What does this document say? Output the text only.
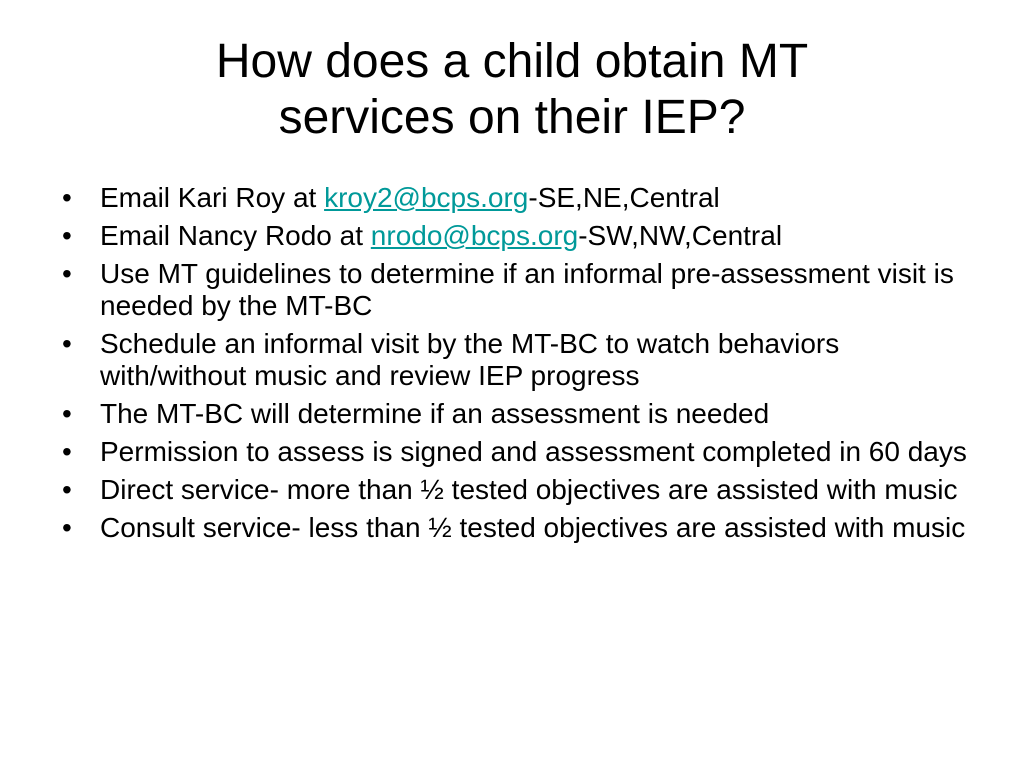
How does a child obtain MT
services on their IEP?
•	Email Kari Roy at kroy2@bcps.org-SE,NE,Central
•	Email Nancy Rodo at nrodo@bcps.org-SW,NW,Central
•	Use MT guidelines to determine if an informal pre-assessment visit is needed by the MT-BC
•	Schedule an informal visit by the MT-BC to watch behaviors with/without music and review IEP progress
•	The MT-BC will determine if an assessment is needed
•	Permission to assess is signed and assessment completed in 60 days
•	Direct service- more than ½ tested objectives are assisted with music
•	Consult service- less than ½ tested objectives are assisted with music
